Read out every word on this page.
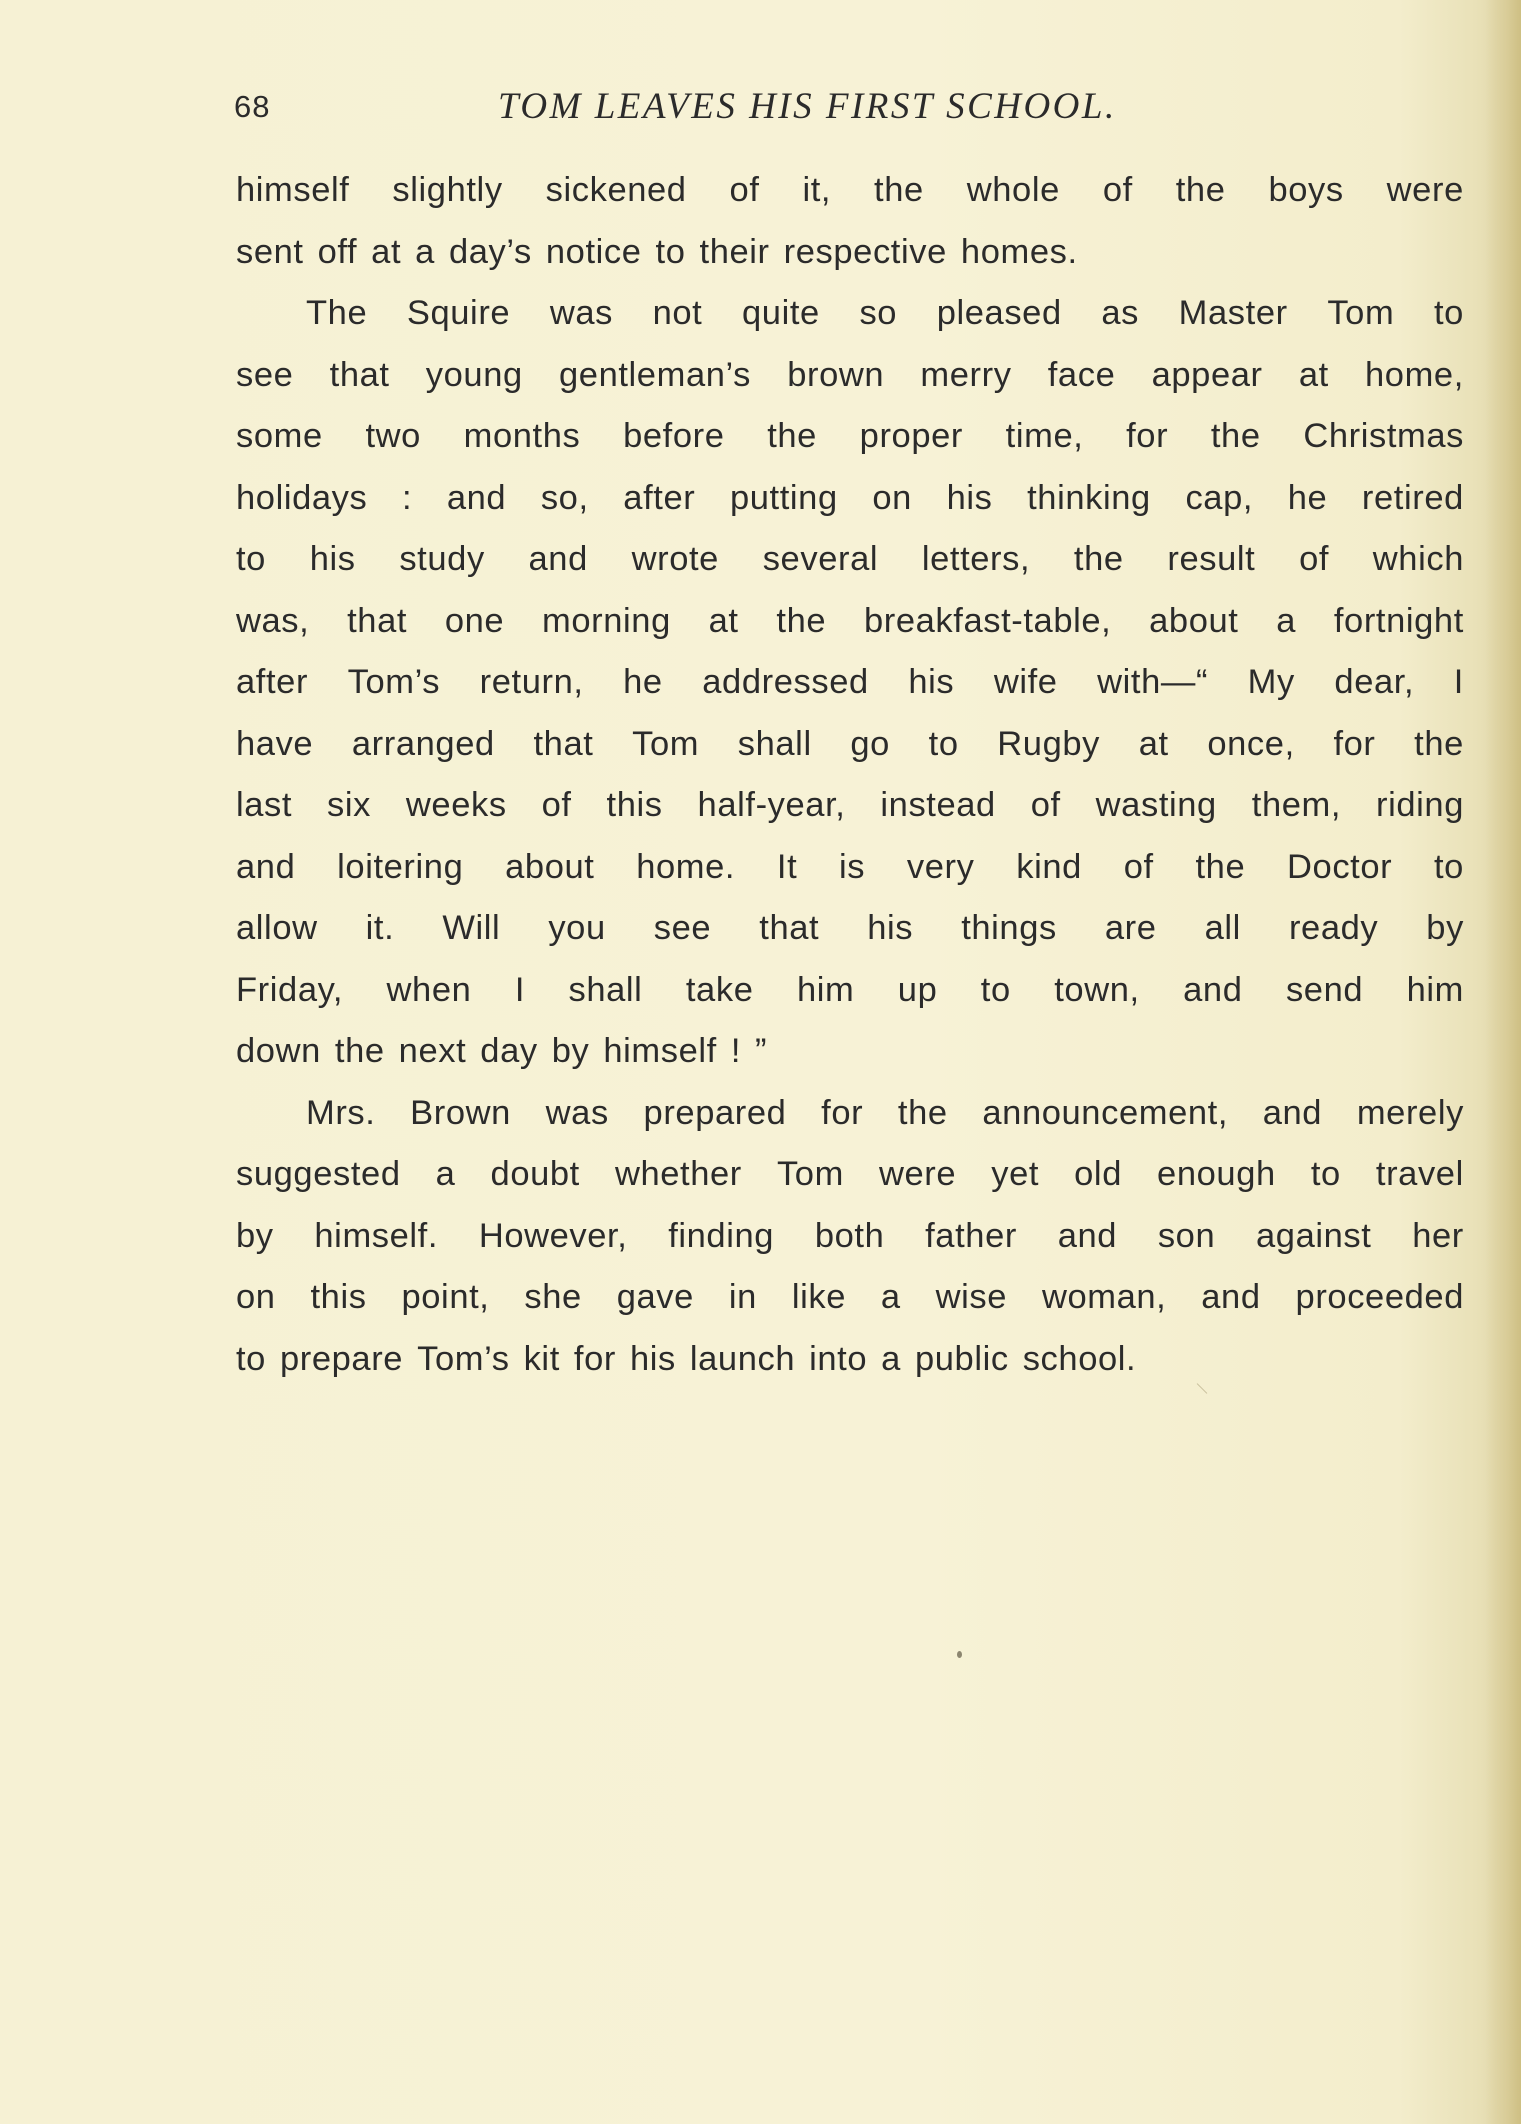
68	TOM LEAVES HIS FIRST SCHOOL.
himself slightly sickened of it, the whole of the boys were
sent off at a day’s notice to their respective homes.
The Squire was not quite so pleased as Master Tom to
see that young gentleman’s brown merry face appear at home,
some two months before the proper time, for the Christmas
holidays : and so, after putting on his thinking cap, he retired
to his study and wrote several letters, the result of which
was, that one morning at the breakfast-table, about a fortnight
after Tom’s return, he addressed his wife with—“ My dear, I
have arranged that Tom shall go to Rugby at once, for the
last six weeks of this half-year, instead of wasting them, riding
and loitering about home. It is very kind of the Doctor to
allow it. Will you see that his things are all ready by
Friday, when I shall take him up to town, and send him
down the next day by himself ! ”
Mrs. Brown was prepared for the announcement, and merely
suggested a doubt whether Tom were yet old enough to travel
by himself. However, finding both father and son against her
on this point, she gave in like a wise woman, and proceeded
to prepare Tom’s kit for his launch into a public school.
